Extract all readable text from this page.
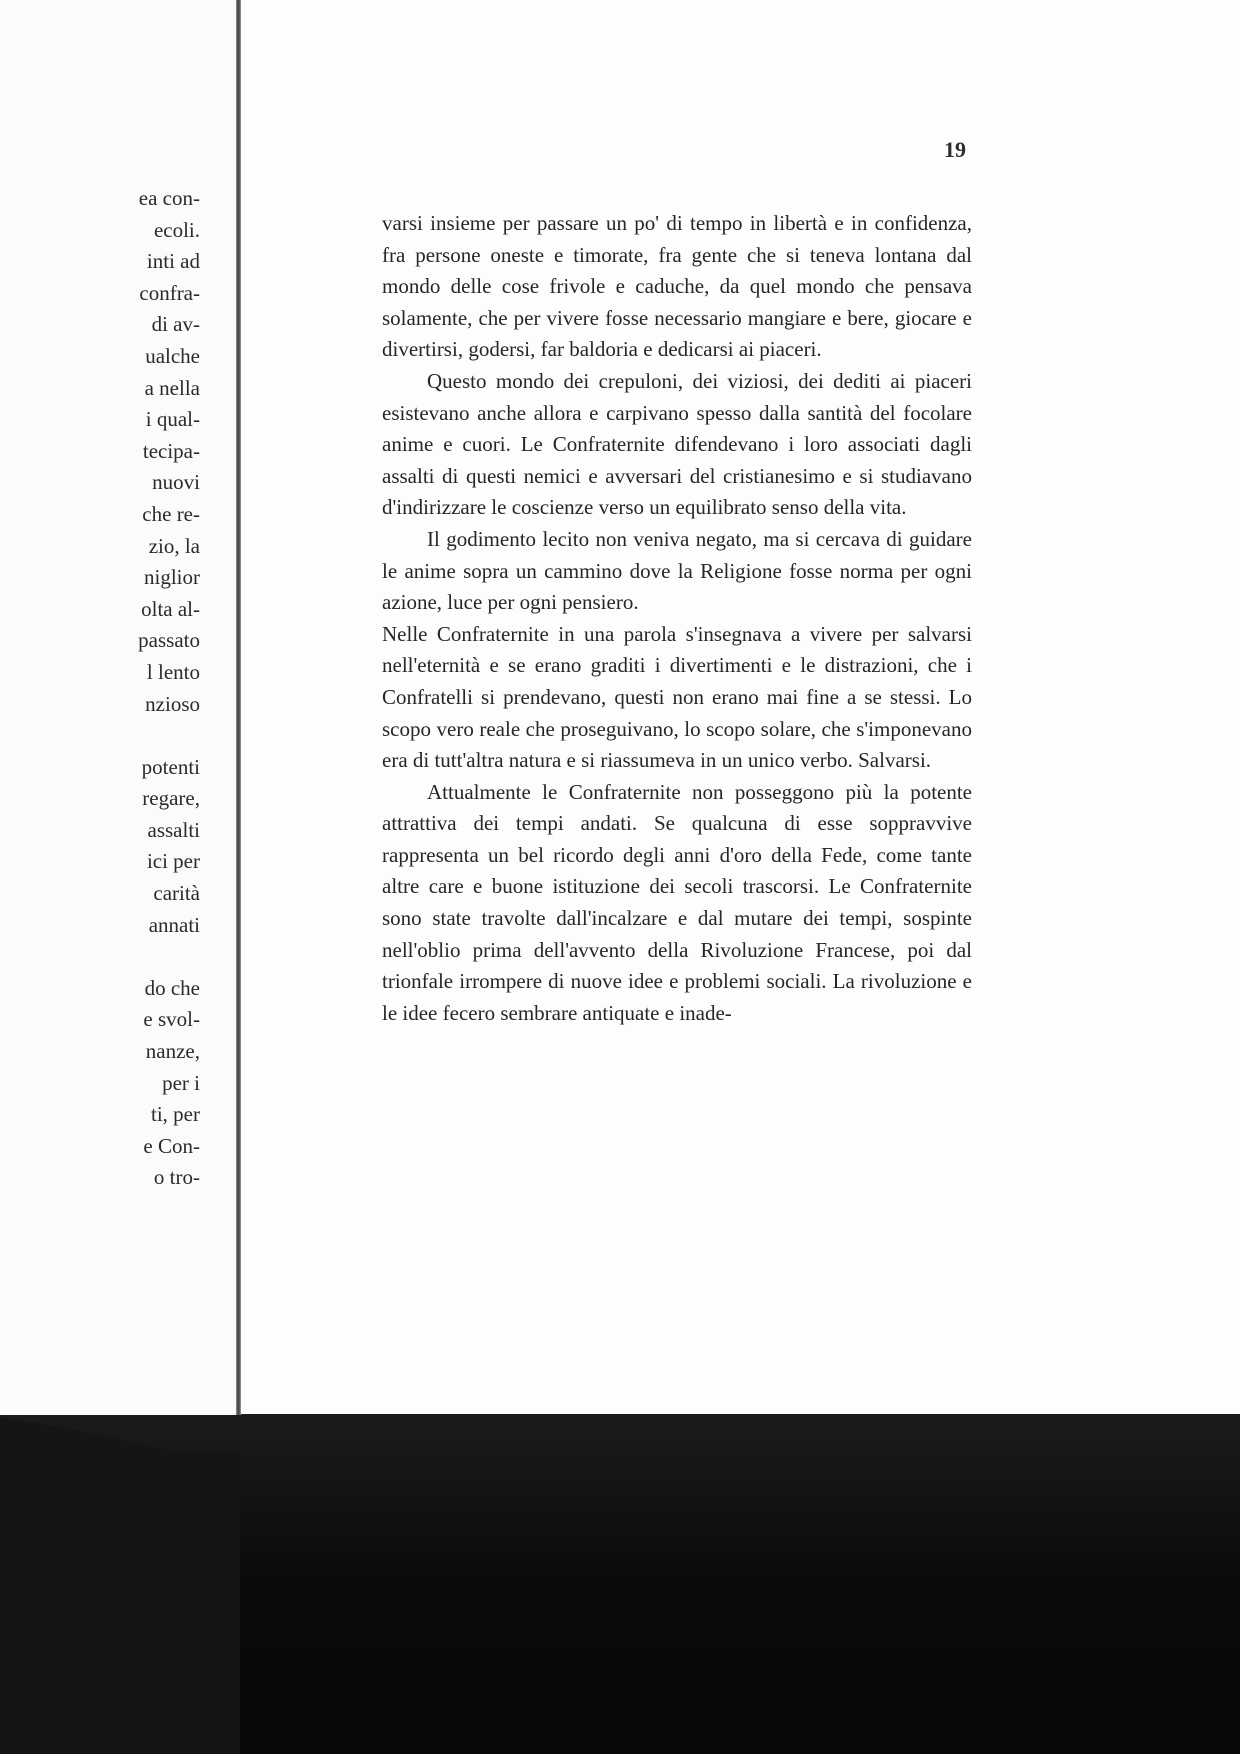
ea con-
ecoli.
inti ad
confra-
di av-
ualche
a nella
i qual-
tecipa-
nuovi
che re-
zio, la
niglior
olta al-
passato
l lento
nzioso
potenti
regare,
assalti
ici per
carità
annati
do che
e svol-
nanze,
per i
ti, per
e Con-
o tro-
19

varsi insieme per passare un po' di tempo in libertà e in confidenza, fra persone oneste e timorate, fra gente che si teneva lontana dal mondo delle cose frivole e caduche, da quel mondo che pensava solamente, che per vivere fosse necessario mangiare e bere, giocare e divertirsi, godersi, far baldoria e dedicarsi ai piaceri.

Questo mondo dei crepuloni, dei viziosi, dei dediti ai piaceri esistevano anche allora e carpivano spesso dalla santità del focolare anime e cuori. Le Confraternite difendevano i loro associati dagli assalti di questi nemici e avversari del cristianesimo e si studiavano d'indirizzare le coscienze verso un equilibrato senso della vita.

Il godimento lecito non veniva negato, ma si cercava di guidare le anime sopra un cammino dove la Religione fosse norma per ogni azione, luce per ogni pensiero.

Nelle Confraternite in una parola s'insegnava a vivere per salvarsi nell'eternità e se erano graditi i divertimenti e le distrazioni, che i Confratelli si prendevano, questi non erano mai fine a se stessi. Lo scopo vero reale che proseguivano, lo scopo solare, che s'imponevano era di tutt'altra natura e si riassumeva in un unico verbo. Salvarsi.

Attualmente le Confraternite non posseggono più la potente attrattiva dei tempi andati. Se qualcuna di esse soppravvive rappresenta un bel ricordo degli anni d'oro della Fede, come tante altre care e buone istituzione dei secoli trascorsi. Le Confraternite sono state travolte dall'incalzare e dal mutare dei tempi, sospinte nell'oblio prima dell'avvento della Rivoluzione Francese, poi dal trionfale irrompere di nuove idee e problemi sociali. La rivoluzione e le idee fecero sembrare antiquate e inade-
